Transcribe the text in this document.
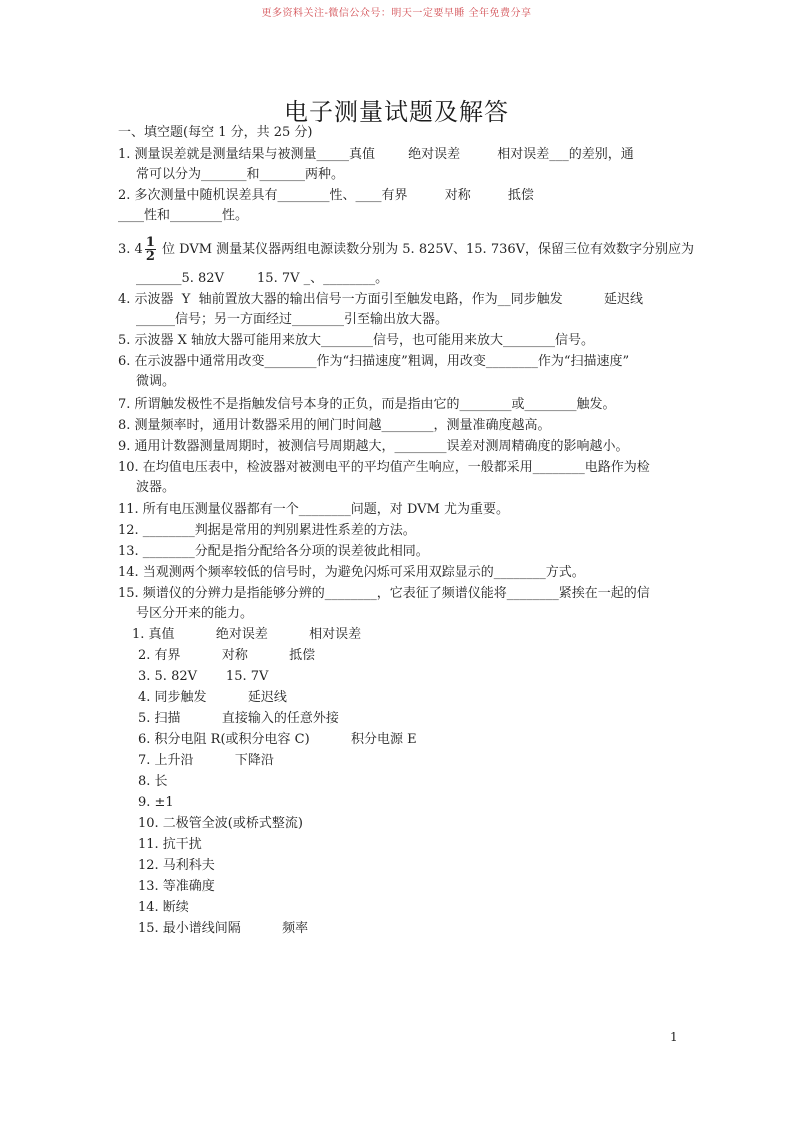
更多资料关注-微信公众号：明天一定要早睡 全年免费分享
电子测量试题及解答
一、填空题(每空 1 分，共 25 分)
1. 测量误差就是测量结果与被测量_____真值        绝对误差         相对误差___的差别，通
常可以分为_______和_______两种。
2. 多次测量中随机误差具有________性、____有界         对称         抵偿
____性和________性。
3. $4 \frac{1}{2}$ 位 DVM 测量某仪器两组电源读数分别为 5. 825V、15. 736V，保留三位有效数字分别应为
_______5. 82V        15. 7V _、________。
4. 示波器  Y  轴前置放大器的输出信号一方面引至触发电路，作为__同步触发          延迟线
______信号；另一方面经过________引至输出放大器。
5. 示波器 X 轴放大器可能用来放大________信号，也可能用来放大________信号。
6. 在示波器中通常用改变________作为“扫描速度”粗调，用改变________作为“扫描速度”
微调。
7. 所谓触发极性不是指触发信号本身的正负，而是指由它的________或________触发。
8. 测量频率时，通用计数器采用的闸门时间越________，测量准确度越高。
9. 通用计数器测量周期时，被测信号周期越大，________误差对测周精确度的影响越小。
10. 在均值电压表中，检波器对被测电平的平均值产生响应，一般都采用________电路作为检
波器。
11. 所有电压测量仪器都有一个________问题，对 DVM 尤为重要。
12. ________判据是常用的判别累进性系差的方法。
13. ________分配是指分配给各分项的误差彼此相同。
14. 当观测两个频率较低的信号时，为避免闪烁可采用双踪显示的________方式。
15. 频谱仪的分辨力是指能够分辨的________，它表征了频谱仪能将________紧挨在一起的信
号区分开来的能力。
1. 真值          绝对误差          相对误差
2. 有界          对称          抵偿
3. 5. 82V       15. 7V
4. 同步触发          延迟线
5. 扫描          直接输入的任意外接
6. 积分电阻 R(或积分电容 C)          积分电源 E
7. 上升沿          下降沿
8. 长
9. ±1
10. 二极管全波(或桥式整流)
11. 抗干扰
12. 马利科夫
13. 等准确度
14. 断续
15. 最小谱线间隔          频率
1
